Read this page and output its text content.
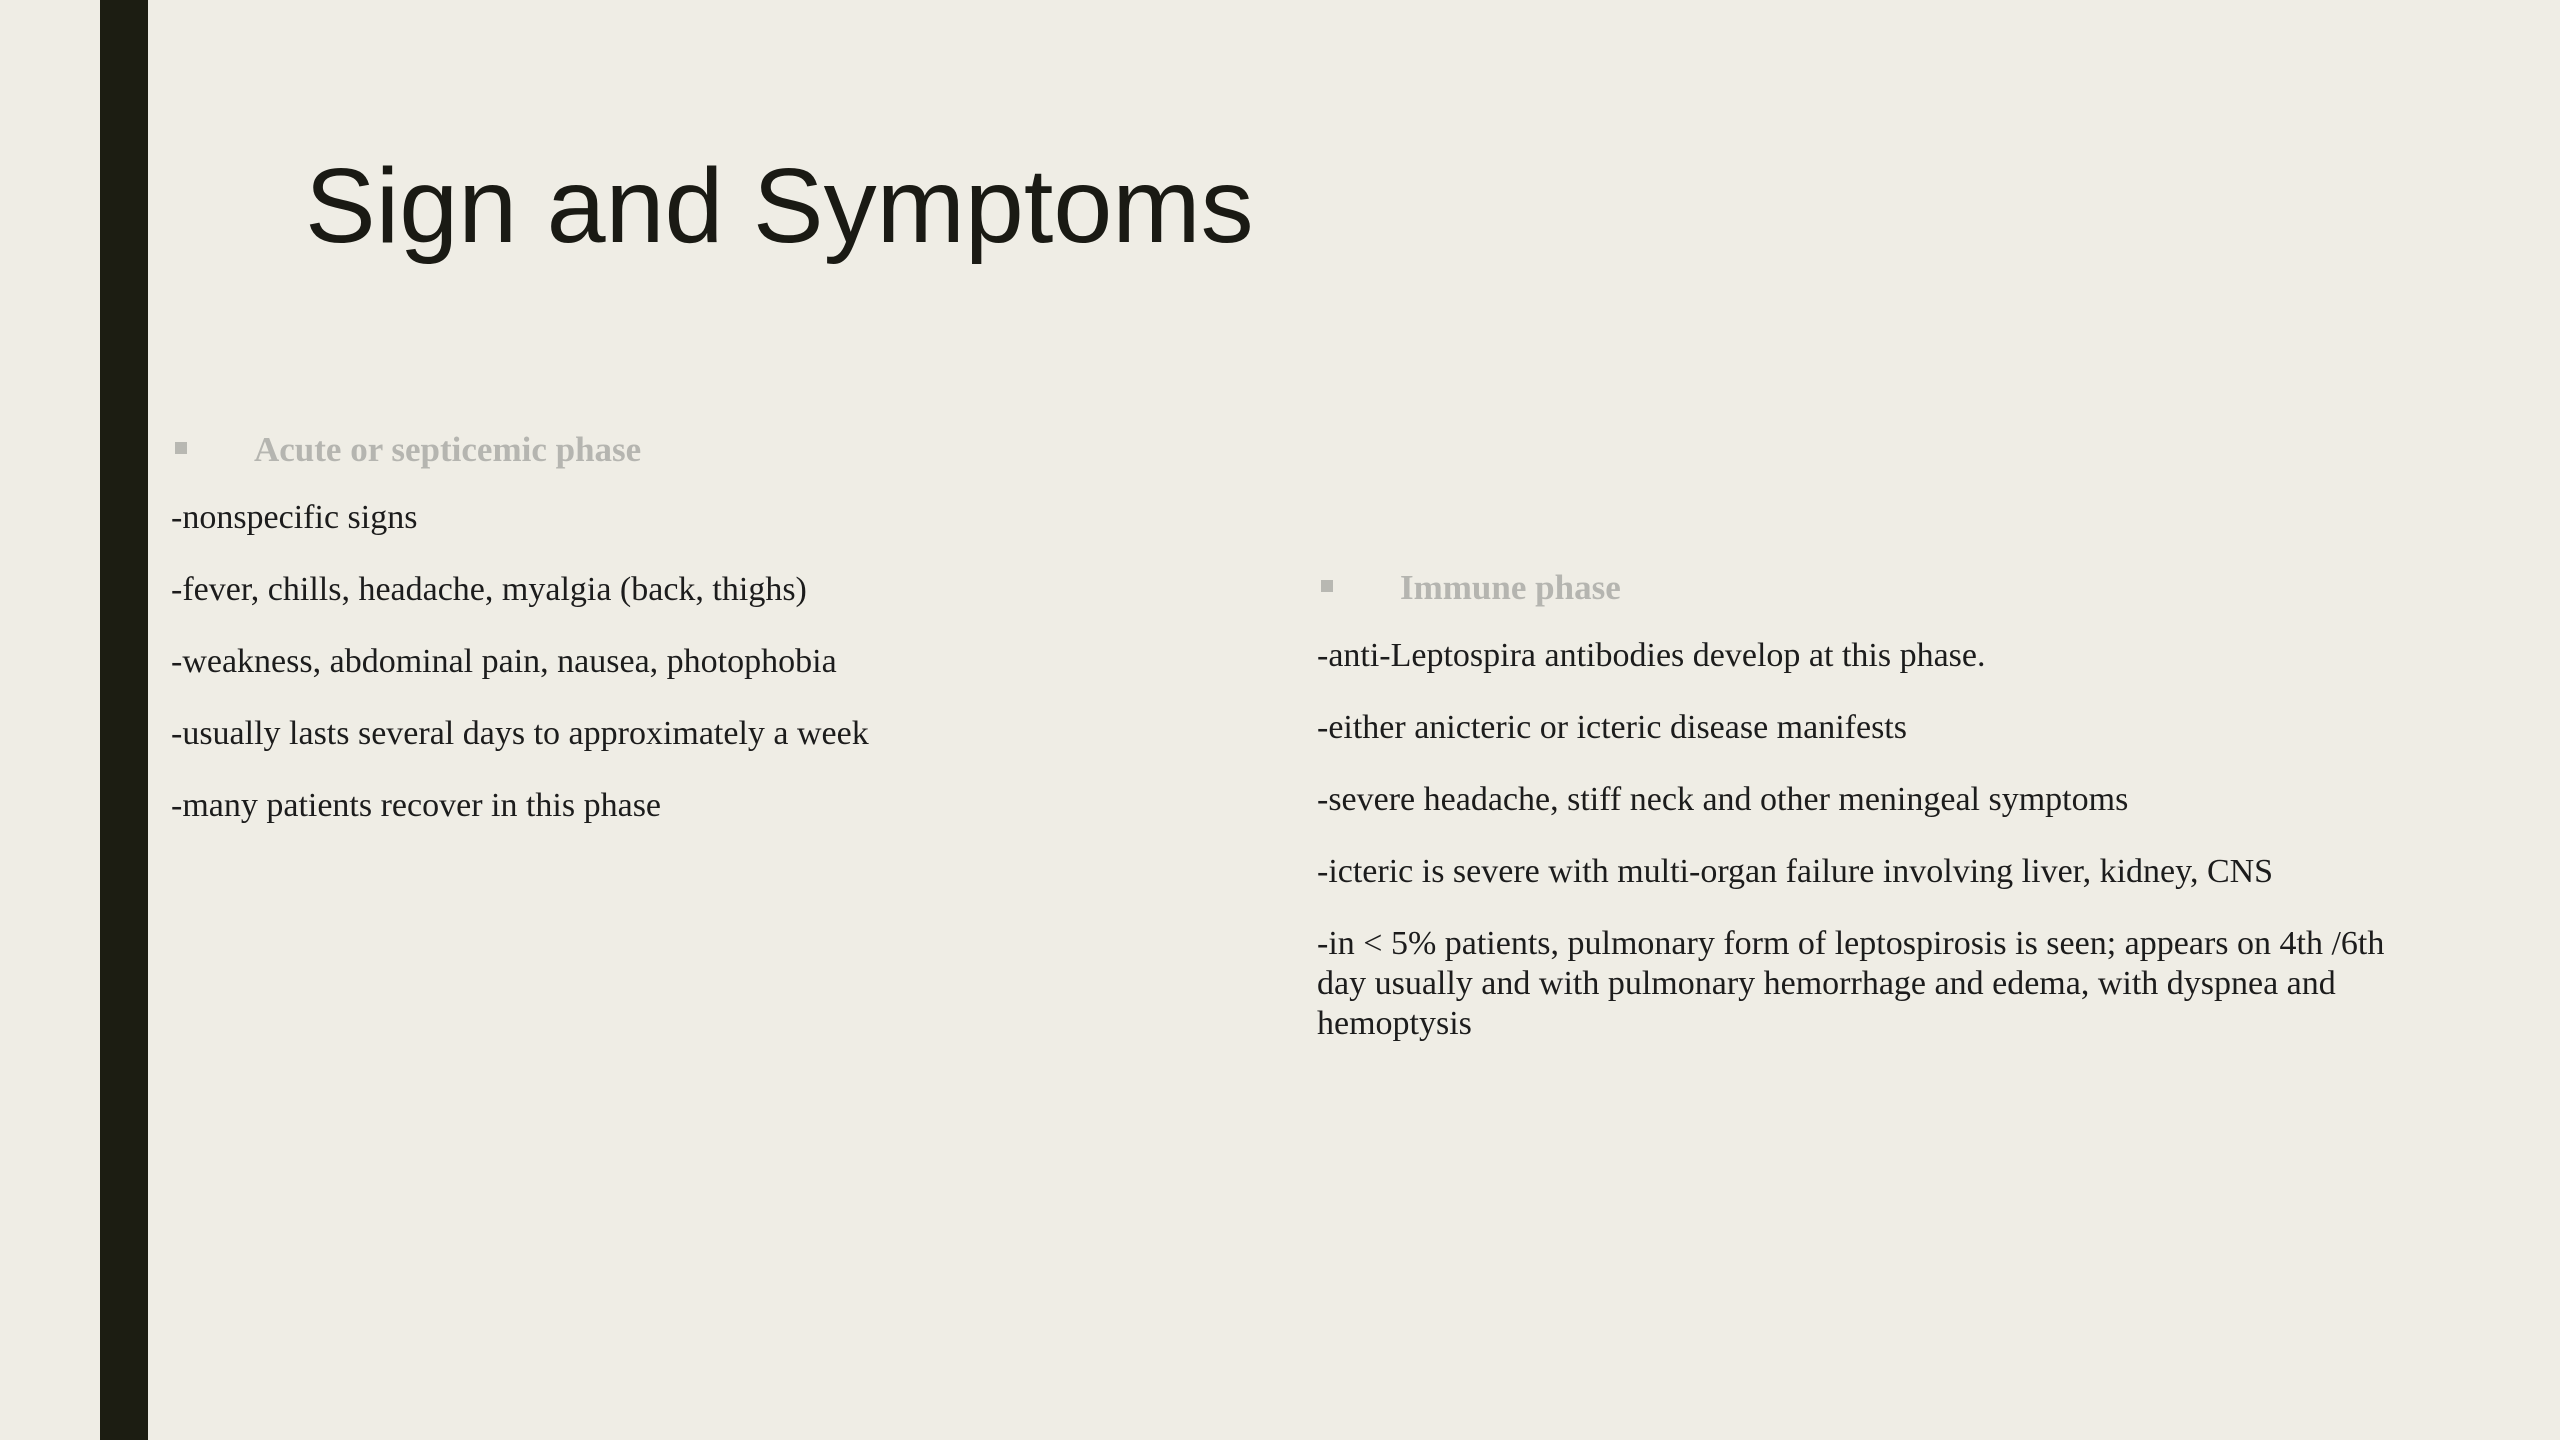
Sign and Symptoms
Acute or septicemic phase
-nonspecific signs
-fever, chills, headache, myalgia (back, thighs)
-weakness, abdominal pain, nausea, photophobia
-usually lasts several days to approximately a week
-many patients recover in this phase
Immune phase
-anti-Leptospira antibodies develop at this phase.
-either anicteric or icteric disease manifests
-severe headache, stiff neck and other meningeal symptoms
-icteric is severe with multi-organ failure involving liver, kidney, CNS
-in < 5% patients, pulmonary form of leptospirosis is seen; appears on 4th /6th day usually and with pulmonary hemorrhage and edema, with dyspnea and hemoptysis
